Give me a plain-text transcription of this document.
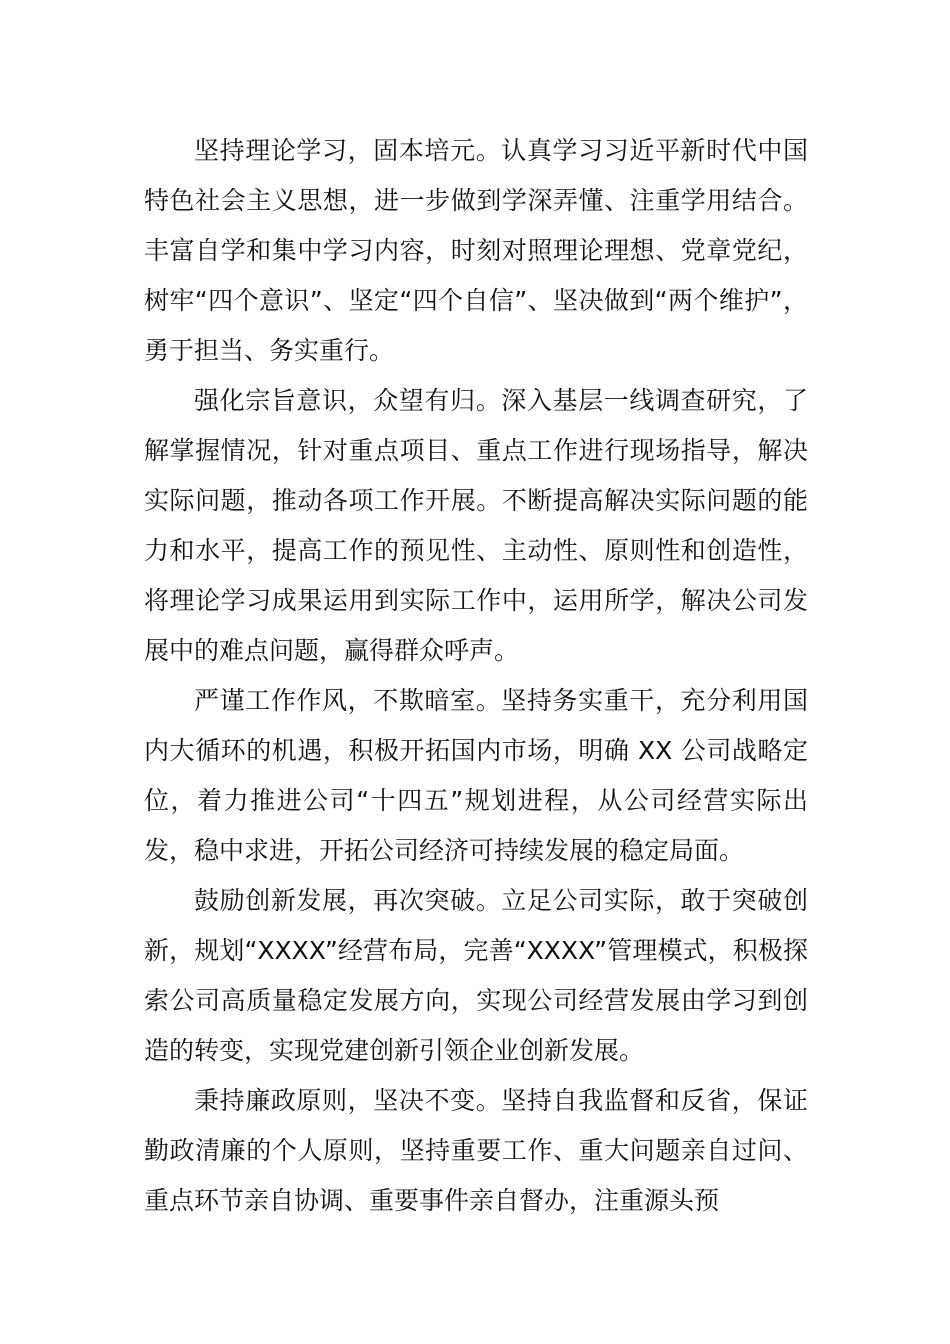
坚持理论学习，固本培元。认真学习习近平新时代中国特色社会主义思想，进一步做到学深弄懂、注重学用结合。丰富自学和集中学习内容，时刻对照理论理想、党章党纪，树牢“四个意识”、坚定“四个自信”、坚决做到“两个维护”，勇于担当、务实重行。

强化宗旨意识，众望有归。深入基层一线调查研究，了解掌握情况，针对重点项目、重点工作进行现场指导，解决实际问题，推动各项工作开展。不断提高解决实际问题的能力和水平，提高工作的预见性、主动性、原则性和创造性，将理论学习成果运用到实际工作中，运用所学，解决公司发展中的难点问题，赢得群众呼声。

严谨工作作风，不欺暗室。坚持务实重干，充分利用国内大循环的机遇，积极开拓国内市场，明确 XX 公司战略定位，着力推进公司“十四五”规划进程，从公司经营实际出发，稳中求进，开拓公司经济可持续发展的稳定局面。

鼓励创新发展，再次突破。立足公司实际，敢于突破创新，规划“XXXX”经营布局，完善“XXXX”管理模式，积极探索公司高质量稳定发展方向，实现公司经营发展由学习到创造的转变，实现党建创新引领企业创新发展。

秉持廉政原则，坚决不变。坚持自我监督和反省，保证勤政清廉的个人原则，坚持重要工作、重大问题亲自过问、重点环节亲自协调、重要事件亲自督办，注重源头预
